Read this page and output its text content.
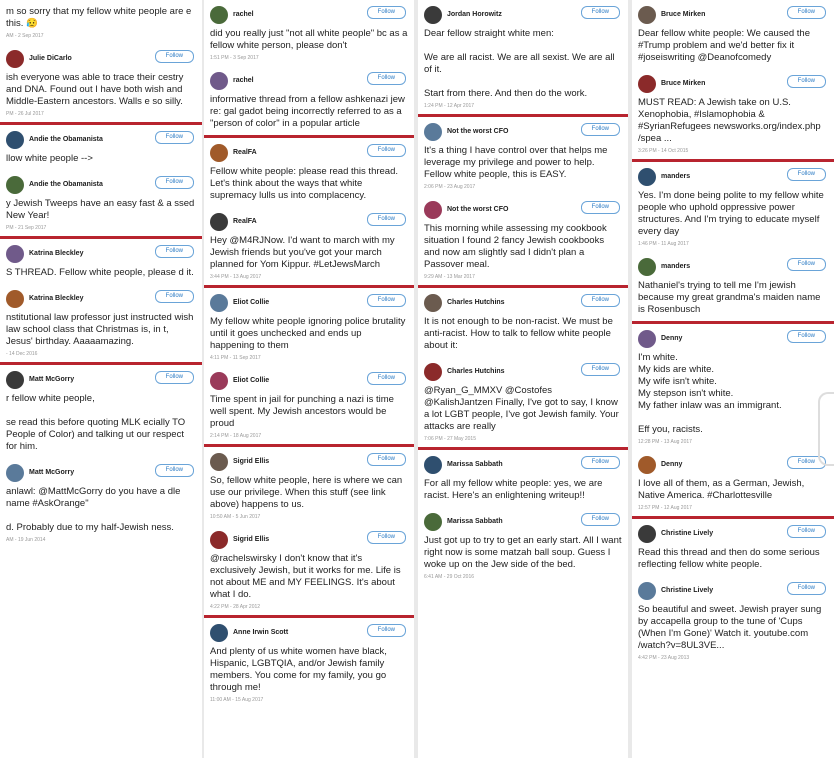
m so sorry that my fellow white people are e this. 😥
AM - 2 Sep 2017
Julie DiCarlo	Follow
ish everyone was able to trace their cestry and DNA. Found out I have both wish and Middle-Eastern ancestors. Walls e so silly.
PM - 26 Jul 2017
Andie the Obamanista	Follow
llow white people -->
Andie the Obamanista	Follow
y Jewish Tweeps have an easy fast & a ssed New Year!
PM - 21 Sep 2017
Katrina Bleckley	Follow
S THREAD. Fellow white people, please d it.
Katrina Bleckley	Follow
nstitutional law professor just instructed wish law school class that Christmas is, in t, Jesus' birthday. Aaaaamazing.
- 14 Dec 2016
Matt McGorry	Follow
r fellow white people,

se read this before quoting MLK ecially TO People of Color) and talking ut our respect for him.
Matt McGorry	Follow
anlawl: @MattMcGorry do you have a dle name #AskOrange"

d. Probably due to my half-Jewish ness.
AM - 19 Jun 2014
rachel	Follow
did you really just "not all white people" bc as a fellow white person, please don't
1:51 PM - 3 Sep 2017
rachel	Follow
informative thread from a fellow ashkenazi jew re: gal gadot being incorrectly referred to as a "person of color" in a popular article
RealFA	Follow
Fellow white people: please read this thread. Let's think about the ways that white supremacy lulls us into complacency.
RealFA	Follow
Hey @M4RJNow. I'd want to march with my Jewish friends but you've got your march planned for Yom Kippur. #LetJewsMarch
3:44 PM - 13 Aug 2017
Eliot Collie	Follow
My fellow white people ignoring police brutality until it goes unchecked and ends up happening to them
4:11 PM - 11 Sep 2017
Eliot Collie	Follow
Time spent in jail for punching a nazi is time well spent. My Jewish ancestors would be proud
2:14 PM - 18 Aug 2017
Sigrid Ellis	Follow
So, fellow white people, here is where we can use our privilege. When this stuff (see link above) happens to us.
10:50 AM - 5 Jun 2017
Sigrid Ellis	Follow
@rachelswirsky I don't know that it's exclusively Jewish, but it works for me. Life is not about ME and MY FEELINGS. It's about what I do.
4:22 PM - 28 Apr 2012
Anne Irwin Scott	Follow
And plenty of us white women have black, Hispanic, LGBTQIA, and/or Jewish family members. You come for my family, you go through me!
11:00 AM - 15 Aug 2017
Jordan Horowitz	Follow
Dear fellow straight white men:

We are all racist. We are all sexist. We are all of it.

Start from there. And then do the work.
1:24 PM - 12 Apr 2017
Not the worst CFO	Follow
It's a thing I have control over that helps me leverage my privilege and power to help. Fellow white people, this is EASY.
2:06 PM - 23 Aug 2017
Not the worst CFO	Follow
This morning while assessing my cookbook situation I found 2 fancy Jewish cookbooks and now am slightly sad I didn't plan a Passover meal.
9:29 AM - 13 Mar 2017
Charles Hutchins	Follow
It is not enough to be non-racist. We must be anti-racist. How to talk to fellow white people about it:
Charles Hutchins	Follow
@Ryan_G_MMXV @Costofes @KalishJantzen Finally, I've got to say, I know a lot LGBT people, I've got Jewish family. Your attacks are really
7:06 PM - 27 May 2015
Marissa Sabbath	Follow
For all my fellow white people: yes, we are racist. Here's an enlightening writeup!!
Marissa Sabbath	Follow
Just got up to try to get an early start. All I want right now is some matzah ball soup. Guess I woke up on the Jew side of the bed.
6:41 AM - 29 Oct 2016
Bruce Mirken	Follow
Dear fellow white people: We caused the #Trump problem and we'd better fix it #joseiswriting @Deanofcomedy
Bruce Mirken	Follow
MUST READ: A Jewish take on U.S. Xenophobia, #Islamophobia & #SyrianRefugees newsworks.org/index.php /spea ...
3:26 PM - 14 Oct 2015
manders	Follow
Yes. I'm done being polite to my fellow white people who uphold oppressive power structures. And I'm trying to educate myself every day
1:46 PM - 11 Aug 2017
manders	Follow
Nathaniel's trying to tell me I'm jewish because my great grandma's maiden name is Rosenbusch
Denny	Follow
I'm white.
My kids are white.
My wife isn't white.
My stepson isn't white.
My father inlaw was an immigrant.

Eff you, racists.
12:28 PM - 13 Aug 2017
Denny	Follow
I love all of them, as a German, Jewish, Native America. #Charlottesville
12:57 PM - 12 Aug 2017
Christine Lively	Follow
Read this thread and then do some serious reflecting fellow white people.
Christine Lively	Follow
So beautiful and sweet. Jewish prayer sung by accapella group to the tune of 'Cups (When I'm Gone)' Watch it. youtube.com /watch?v=8UL3VE...
4:42 PM - 23 Aug 2013
